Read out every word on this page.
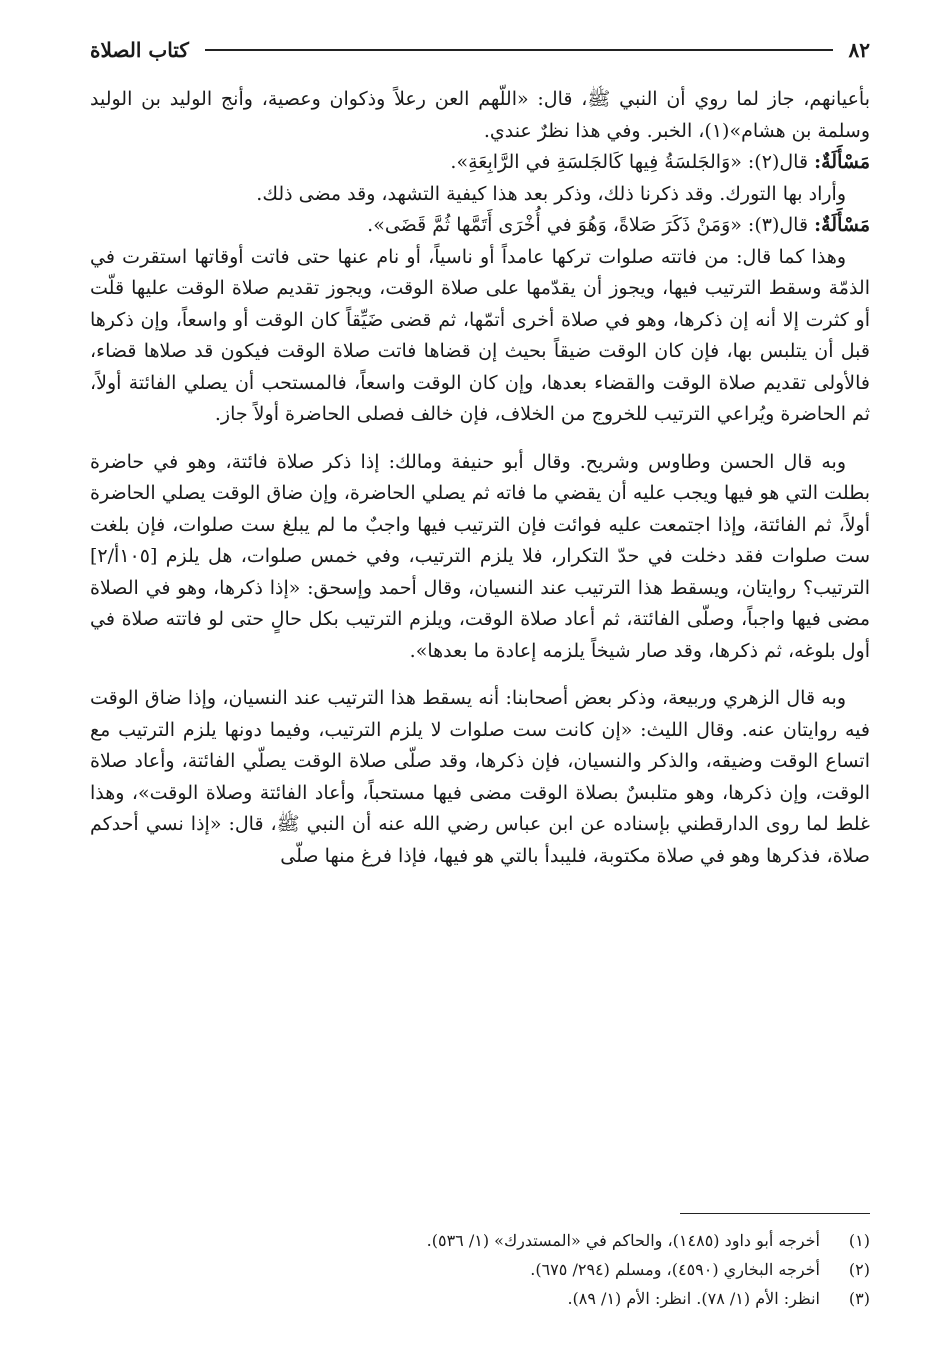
كتاب الصلاة	٨٢

بأعيانهم، جاز لما روي أن النبي ﷺ، قال: «اللّهم العن رعلاً وذكوان وعصية، وأنج الوليد بن الوليد وسلمة بن هشام»(١)، الخبر. وفي هذا نظرٌ عندي.

مَسْأَلَةٌ: قال(٢): «وَالجَلسَةُ فِيها كَالجَلسَةِ في الرَّابِعَةِ».

وأراد بها التورك. وقد ذكرنا ذلك، وذكر بعد هذا كيفية التشهد، وقد مضى ذلك.

مَسْأَلَةٌ: قال(٣): «وَمَنْ ذَكَرَ صَلاةً، وَهُوَ في أُخْرَى أَتَمَّها ثُمَّ قَضَى».

وهذا كما قال: من فاتته صلوات تركها عامداً أو ناسياً، أو نام عنها حتى فاتت أوقاتها استقرت في الذمّة وسقط الترتيب فيها، ويجوز أن يقدّمها على صلاة الوقت، ويجوز تقديم صلاة الوقت عليها قلّت أو كثرت إلا أنه إن ذكرها، وهو في صلاة أخرى أتمّها، ثم قضى ضَيِّقاً كان الوقت أو واسعاً، وإن ذكرها قبل أن يتلبس بها، فإن كان الوقت ضيقاً بحيث إن قضاها فاتت صلاة الوقت فيكون قد صلاها قضاء، فالأولى تقديم صلاة الوقت والقضاء بعدها، وإن كان الوقت واسعاً، فالمستحب أن يصلي الفائتة أولاً، ثم الحاضرة ويُراعي الترتيب للخروج من الخلاف، فإن خالف فصلى الحاضرة أولاً جاز.

وبه قال الحسن وطاوس وشريح. وقال أبو حنيفة ومالك: إذا ذكر صلاة فائتة، وهو في حاضرة بطلت التي هو فيها ويجب عليه أن يقضي ما فاته ثم يصلي الحاضرة، وإن ضاق الوقت يصلي الحاضرة أولاً، ثم الفائتة، وإذا اجتمعت عليه فوائت فإن الترتيب فيها واجبٌ ما لم يبلغ ست صلوات، فإن بلغت ست صلوات فقد دخلت في حدّ التكرار، فلا يلزم الترتيب، وفي خمس صلوات، هل يلزم [١٠٥أ/٢] الترتيب؟ روايتان، ويسقط هذا الترتيب عند النسيان، وقال أحمد وإسحق: «إذا ذكرها، وهو في الصلاة مضى فيها واجباً، وصلّى الفائتة، ثم أعاد صلاة الوقت، ويلزم الترتيب بكل حالٍ حتى لو فاتته صلاة في أول بلوغه، ثم ذكرها، وقد صار شيخاً يلزمه إعادة ما بعدها».

وبه قال الزهري وربيعة، وذكر بعض أصحابنا: أنه يسقط هذا الترتيب عند النسيان، وإذا ضاق الوقت فيه روايتان عنه. وقال الليث: «إن كانت ست صلوات لا يلزم الترتيب، وفيما دونها يلزم الترتيب مع اتساع الوقت وضيقه، والذكر والنسيان، فإن ذكرها، وقد صلّى صلاة الوقت يصلّي الفائتة، وأعاد صلاة الوقت، وإن ذكرها، وهو متلبسٌ بصلاة الوقت مضى فيها مستحباً، وأعاد الفائتة وصلاة الوقت»، وهذا غلط لما روى الدارقطني بإسناده عن ابن عباس رضي الله عنه أن النبي ﷺ، قال: «إذا نسي أحدكم صلاة، فذكرها وهو في صلاة مكتوبة، فليبدأ بالتي هو فيها، فإذا فرغ منها صلّى

(١)أخرجه أبو داود (١٤٨٥)، والحاكم في «المستدرك» (١/ ٥٣٦).
(٢)أخرجه البخاري (٤٥٩٠)، ومسلم (٢٩٤/ ٦٧٥).
(٣)انظر: الأم (١/ ٧٨). انظر: الأم (١/ ٨٩).
